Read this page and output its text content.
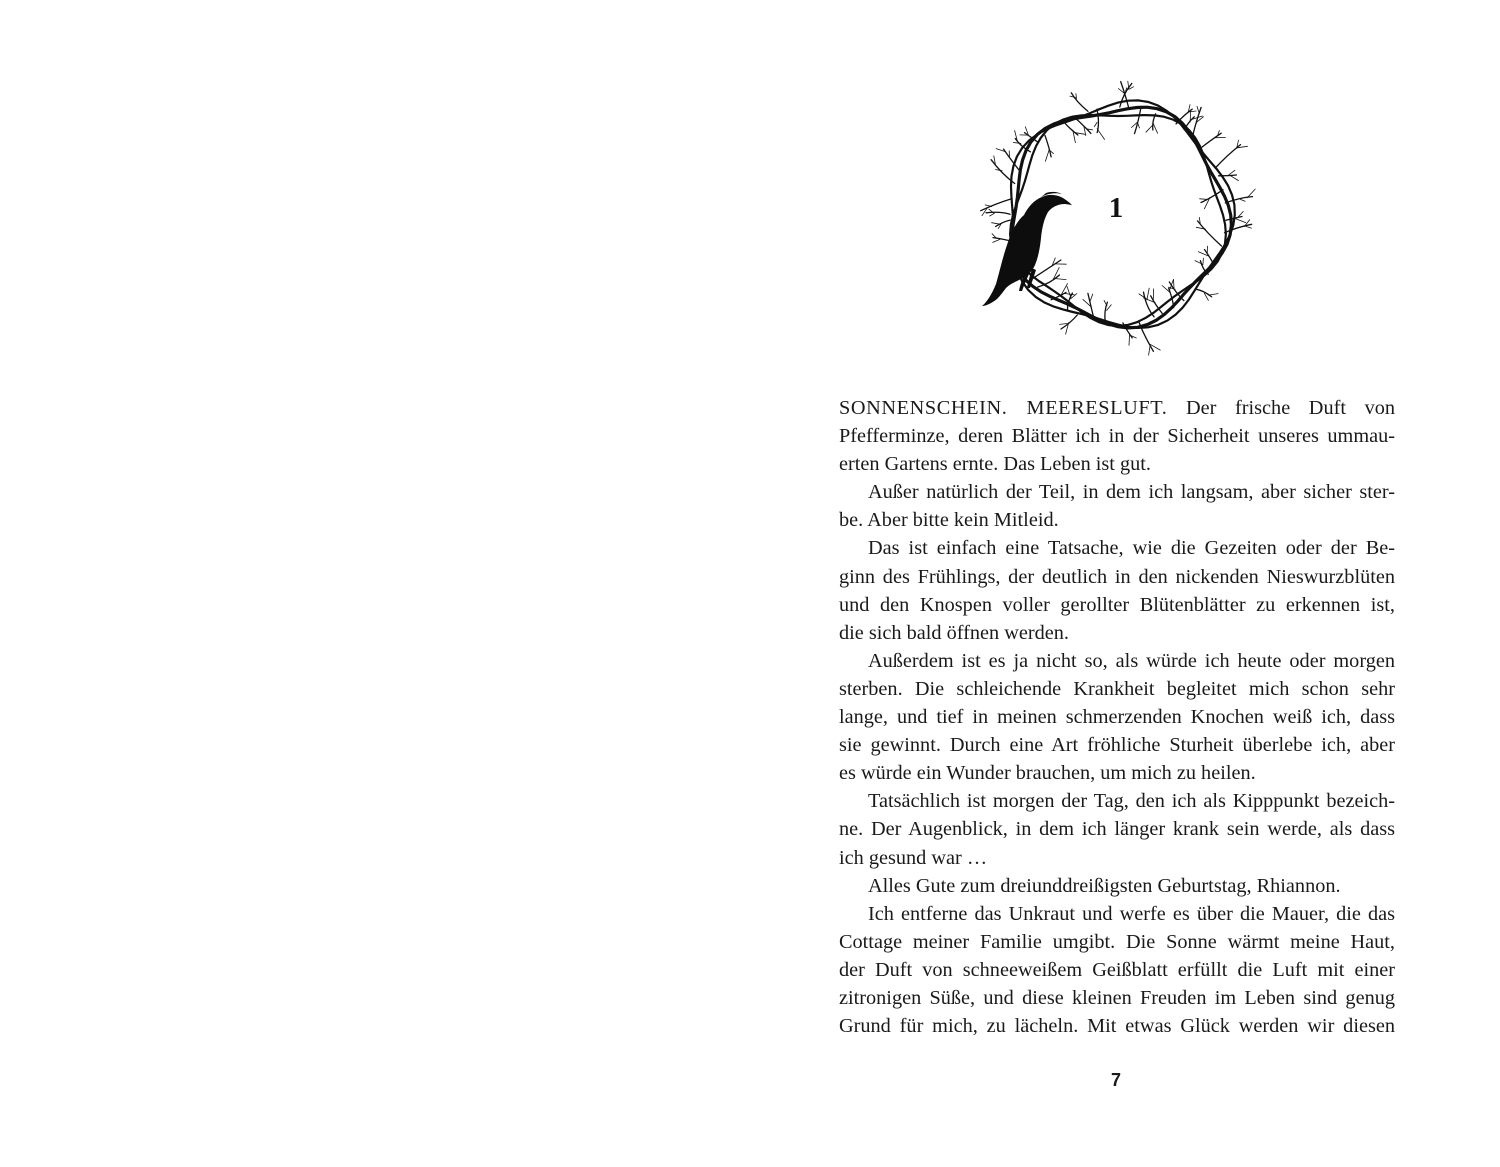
1
SONNENSCHEIN. MEERESLUFT. Der frische Duft von
Pfefferminze, deren Blätter ich in der Sicherheit unseres ummau-
erten Gartens ernte. Das Leben ist gut.
Außer natürlich der Teil, in dem ich langsam, aber sicher ster-
be. Aber bitte kein Mitleid.
Das ist einfach eine Tatsache, wie die Gezeiten oder der Be-
ginn des Frühlings, der deutlich in den nickenden Nieswurzblüten
und den Knospen voller gerollter Blütenblätter zu erkennen ist,
die sich bald öffnen werden.
Außerdem ist es ja nicht so, als würde ich heute oder morgen
sterben. Die schleichende Krankheit begleitet mich schon sehr
lange, und tief in meinen schmerzenden Knochen weiß ich, dass
sie gewinnt. Durch eine Art fröhliche Sturheit überlebe ich, aber
es würde ein Wunder brauchen, um mich zu heilen.
Tatsächlich ist morgen der Tag, den ich als Kipppunkt bezeich-
ne. Der Augenblick, in dem ich länger krank sein werde, als dass
ich gesund war …
Alles Gute zum dreiunddreißigsten Geburtstag, Rhiannon.
Ich entferne das Unkraut und werfe es über die Mauer, die das
Cottage meiner Familie umgibt. Die Sonne wärmt meine Haut,
der Duft von schneeweißem Geißblatt erfüllt die Luft mit einer
zitronigen Süße, und diese kleinen Freuden im Leben sind genug
Grund für mich, zu lächeln. Mit etwas Glück werden wir diesen
7
